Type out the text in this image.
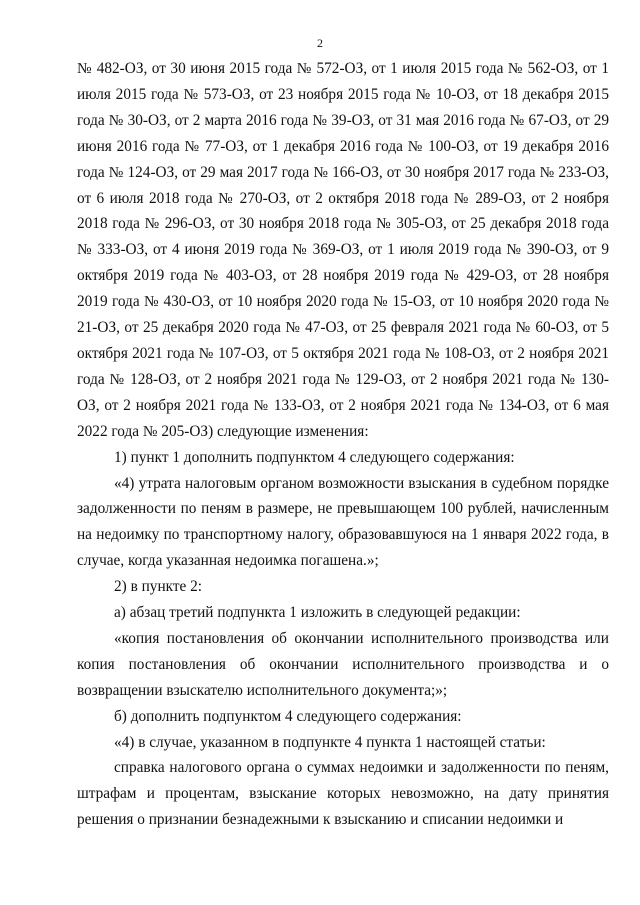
2

№ 482-ОЗ, от 30 июня 2015 года № 572-ОЗ, от 1 июля 2015 года № 562-ОЗ, от 1 июля 2015 года № 573-ОЗ, от 23 ноября 2015 года № 10-ОЗ, от 18 декабря 2015 года № 30-ОЗ, от 2 марта 2016 года № 39-ОЗ, от 31 мая 2016 года № 67-ОЗ, от 29 июня 2016 года № 77-ОЗ, от 1 декабря 2016 года № 100-ОЗ, от 19 декабря 2016 года № 124-ОЗ, от 29 мая 2017 года № 166-ОЗ, от 30 ноября 2017 года № 233-ОЗ, от 6 июля 2018 года № 270-ОЗ, от 2 октября 2018 года № 289-ОЗ, от 2 ноября 2018 года № 296-ОЗ, от 30 ноября 2018 года № 305-ОЗ, от 25 декабря 2018 года № 333-ОЗ, от 4 июня 2019 года № 369-ОЗ, от 1 июля 2019 года № 390-ОЗ, от 9 октября 2019 года № 403-ОЗ, от 28 ноября 2019 года № 429-ОЗ, от 28 ноября 2019 года № 430-ОЗ, от 10 ноября 2020 года № 15-ОЗ, от 10 ноября 2020 года № 21-ОЗ, от 25 декабря 2020 года № 47-ОЗ, от 25 февраля 2021 года № 60-ОЗ, от 5 октября 2021 года № 107-ОЗ, от 5 октября 2021 года № 108-ОЗ, от 2 ноября 2021 года № 128-ОЗ, от 2 ноября 2021 года № 129-ОЗ, от 2 ноября 2021 года № 130-ОЗ, от 2 ноября 2021 года № 133-ОЗ, от 2 ноября 2021 года № 134-ОЗ, от 6 мая 2022 года № 205-ОЗ) следующие изменения:

1) пункт 1 дополнить подпунктом 4 следующего содержания:

«4) утрата налоговым органом возможности взыскания в судебном порядке задолженности по пеням в размере, не превышающем 100 рублей, начисленным на недоимку по транспортному налогу, образовавшуюся на 1 января 2022 года, в случае, когда указанная недоимка погашена.»;

2) в пункте 2:

а) абзац третий подпункта 1 изложить в следующей редакции:

«копия постановления об окончании исполнительного производства или копия постановления об окончании исполнительного производства и о возвращении взыскателю исполнительного документа;»;

б) дополнить подпунктом 4 следующего содержания:

«4) в случае, указанном в подпункте 4 пункта 1 настоящей статьи:

справка налогового органа о суммах недоимки и задолженности по пеням, штрафам и процентам, взыскание которых невозможно, на дату принятия решения о признании безнадежными к взысканию и списании недоимки и
